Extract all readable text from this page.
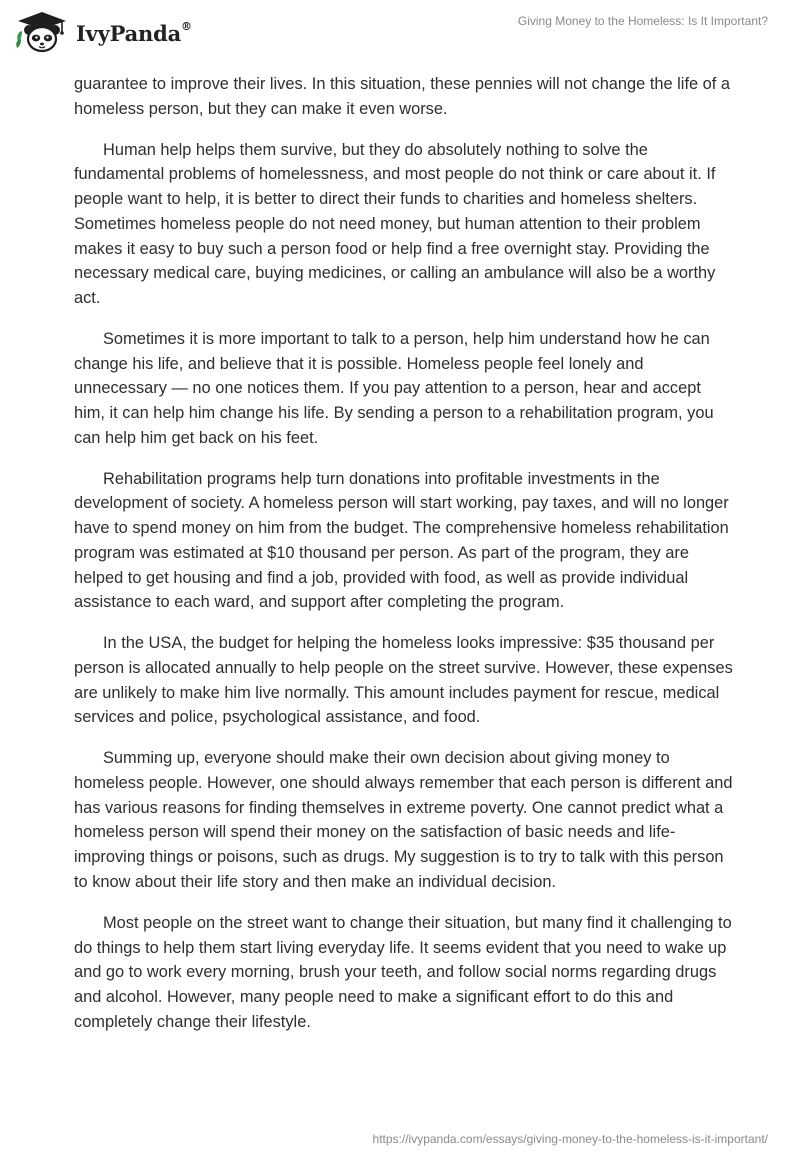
IvyPanda®	Giving Money to the Homeless: Is It Important?

guarantee to improve their lives. In this situation, these pennies will not change the life of a homeless person, but they can make it even worse.

Human help helps them survive, but they do absolutely nothing to solve the fundamental problems of homelessness, and most people do not think or care about it. If people want to help, it is better to direct their funds to charities and homeless shelters. Sometimes homeless people do not need money, but human attention to their problem makes it easy to buy such a person food or help find a free overnight stay. Providing the necessary medical care, buying medicines, or calling an ambulance will also be a worthy act.

Sometimes it is more important to talk to a person, help him understand how he can change his life, and believe that it is possible. Homeless people feel lonely and unnecessary — no one notices them. If you pay attention to a person, hear and accept him, it can help him change his life. By sending a person to a rehabilitation program, you can help him get back on his feet.

Rehabilitation programs help turn donations into profitable investments in the development of society. A homeless person will start working, pay taxes, and will no longer have to spend money on him from the budget. The comprehensive homeless rehabilitation program was estimated at $10 thousand per person. As part of the program, they are helped to get housing and find a job, provided with food, as well as provide individual assistance to each ward, and support after completing the program.

In the USA, the budget for helping the homeless looks impressive: $35 thousand per person is allocated annually to help people on the street survive. However, these expenses are unlikely to make him live normally. This amount includes payment for rescue, medical services and police, psychological assistance, and food.

Summing up, everyone should make their own decision about giving money to homeless people. However, one should always remember that each person is different and has various reasons for finding themselves in extreme poverty. One cannot predict what a homeless person will spend their money on the satisfaction of basic needs and life-improving things or poisons, such as drugs. My suggestion is to try to talk with this person to know about their life story and then make an individual decision.

Most people on the street want to change their situation, but many find it challenging to do things to help them start living everyday life. It seems evident that you need to wake up and go to work every morning, brush your teeth, and follow social norms regarding drugs and alcohol. However, many people need to make a significant effort to do this and completely change their lifestyle.

https://ivypanda.com/essays/giving-money-to-the-homeless-is-it-important/
